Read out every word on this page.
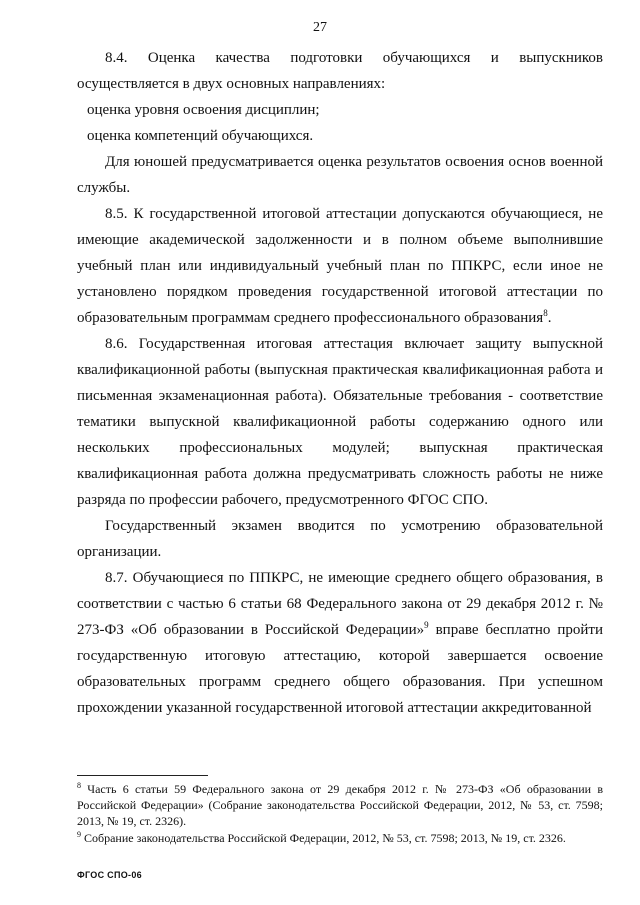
27

8.4. Оценка качества подготовки обучающихся и выпускников осуществляется в двух основных направлениях:

оценка уровня освоения дисциплин;

оценка компетенций обучающихся.

Для юношей предусматривается оценка результатов освоения основ военной службы.

8.5. К государственной итоговой аттестации допускаются обучающиеся, не имеющие академической задолженности и в полном объеме выполнившие учебный план или индивидуальный учебный план по ППКРС, если иное не установлено порядком проведения государственной итоговой аттестации по образовательным программам среднего профессионального образования$^8$.

8.6. Государственная итоговая аттестация включает защиту выпускной квалификационной работы (выпускная практическая квалификационная работа и письменная экзаменационная работа). Обязательные требования - соответствие тематики выпускной квалификационной работы содержанию одного или нескольких профессиональных модулей; выпускная практическая квалификационная работа должна предусматривать сложность работы не ниже разряда по профессии рабочего, предусмотренного ФГОС СПО.

Государственный экзамен вводится по усмотрению образовательной организации.

8.7. Обучающиеся по ППКРС, не имеющие среднего общего образования, в соответствии с частью 6 статьи 68 Федерального закона от 29 декабря 2012 г. № 273-ФЗ «Об образовании в Российской Федерации»$^9$ вправе бесплатно пройти государственную итоговую аттестацию, которой завершается освоение образовательных программ среднего общего образования. При успешном прохождении указанной государственной итоговой аттестации аккредитованной

$^8$ Часть 6 статьи 59 Федерального закона от 29 декабря 2012 г. № 273-ФЗ «Об образовании в Российской Федерации» (Собрание законодательства Российской Федерации, 2012, № 53, ст. 7598; 2013, № 19, ст. 2326).

$^9$ Собрание законодательства Российской Федерации, 2012, № 53, ст. 7598; 2013, № 19, ст. 2326.

ФГОС СПО-06
